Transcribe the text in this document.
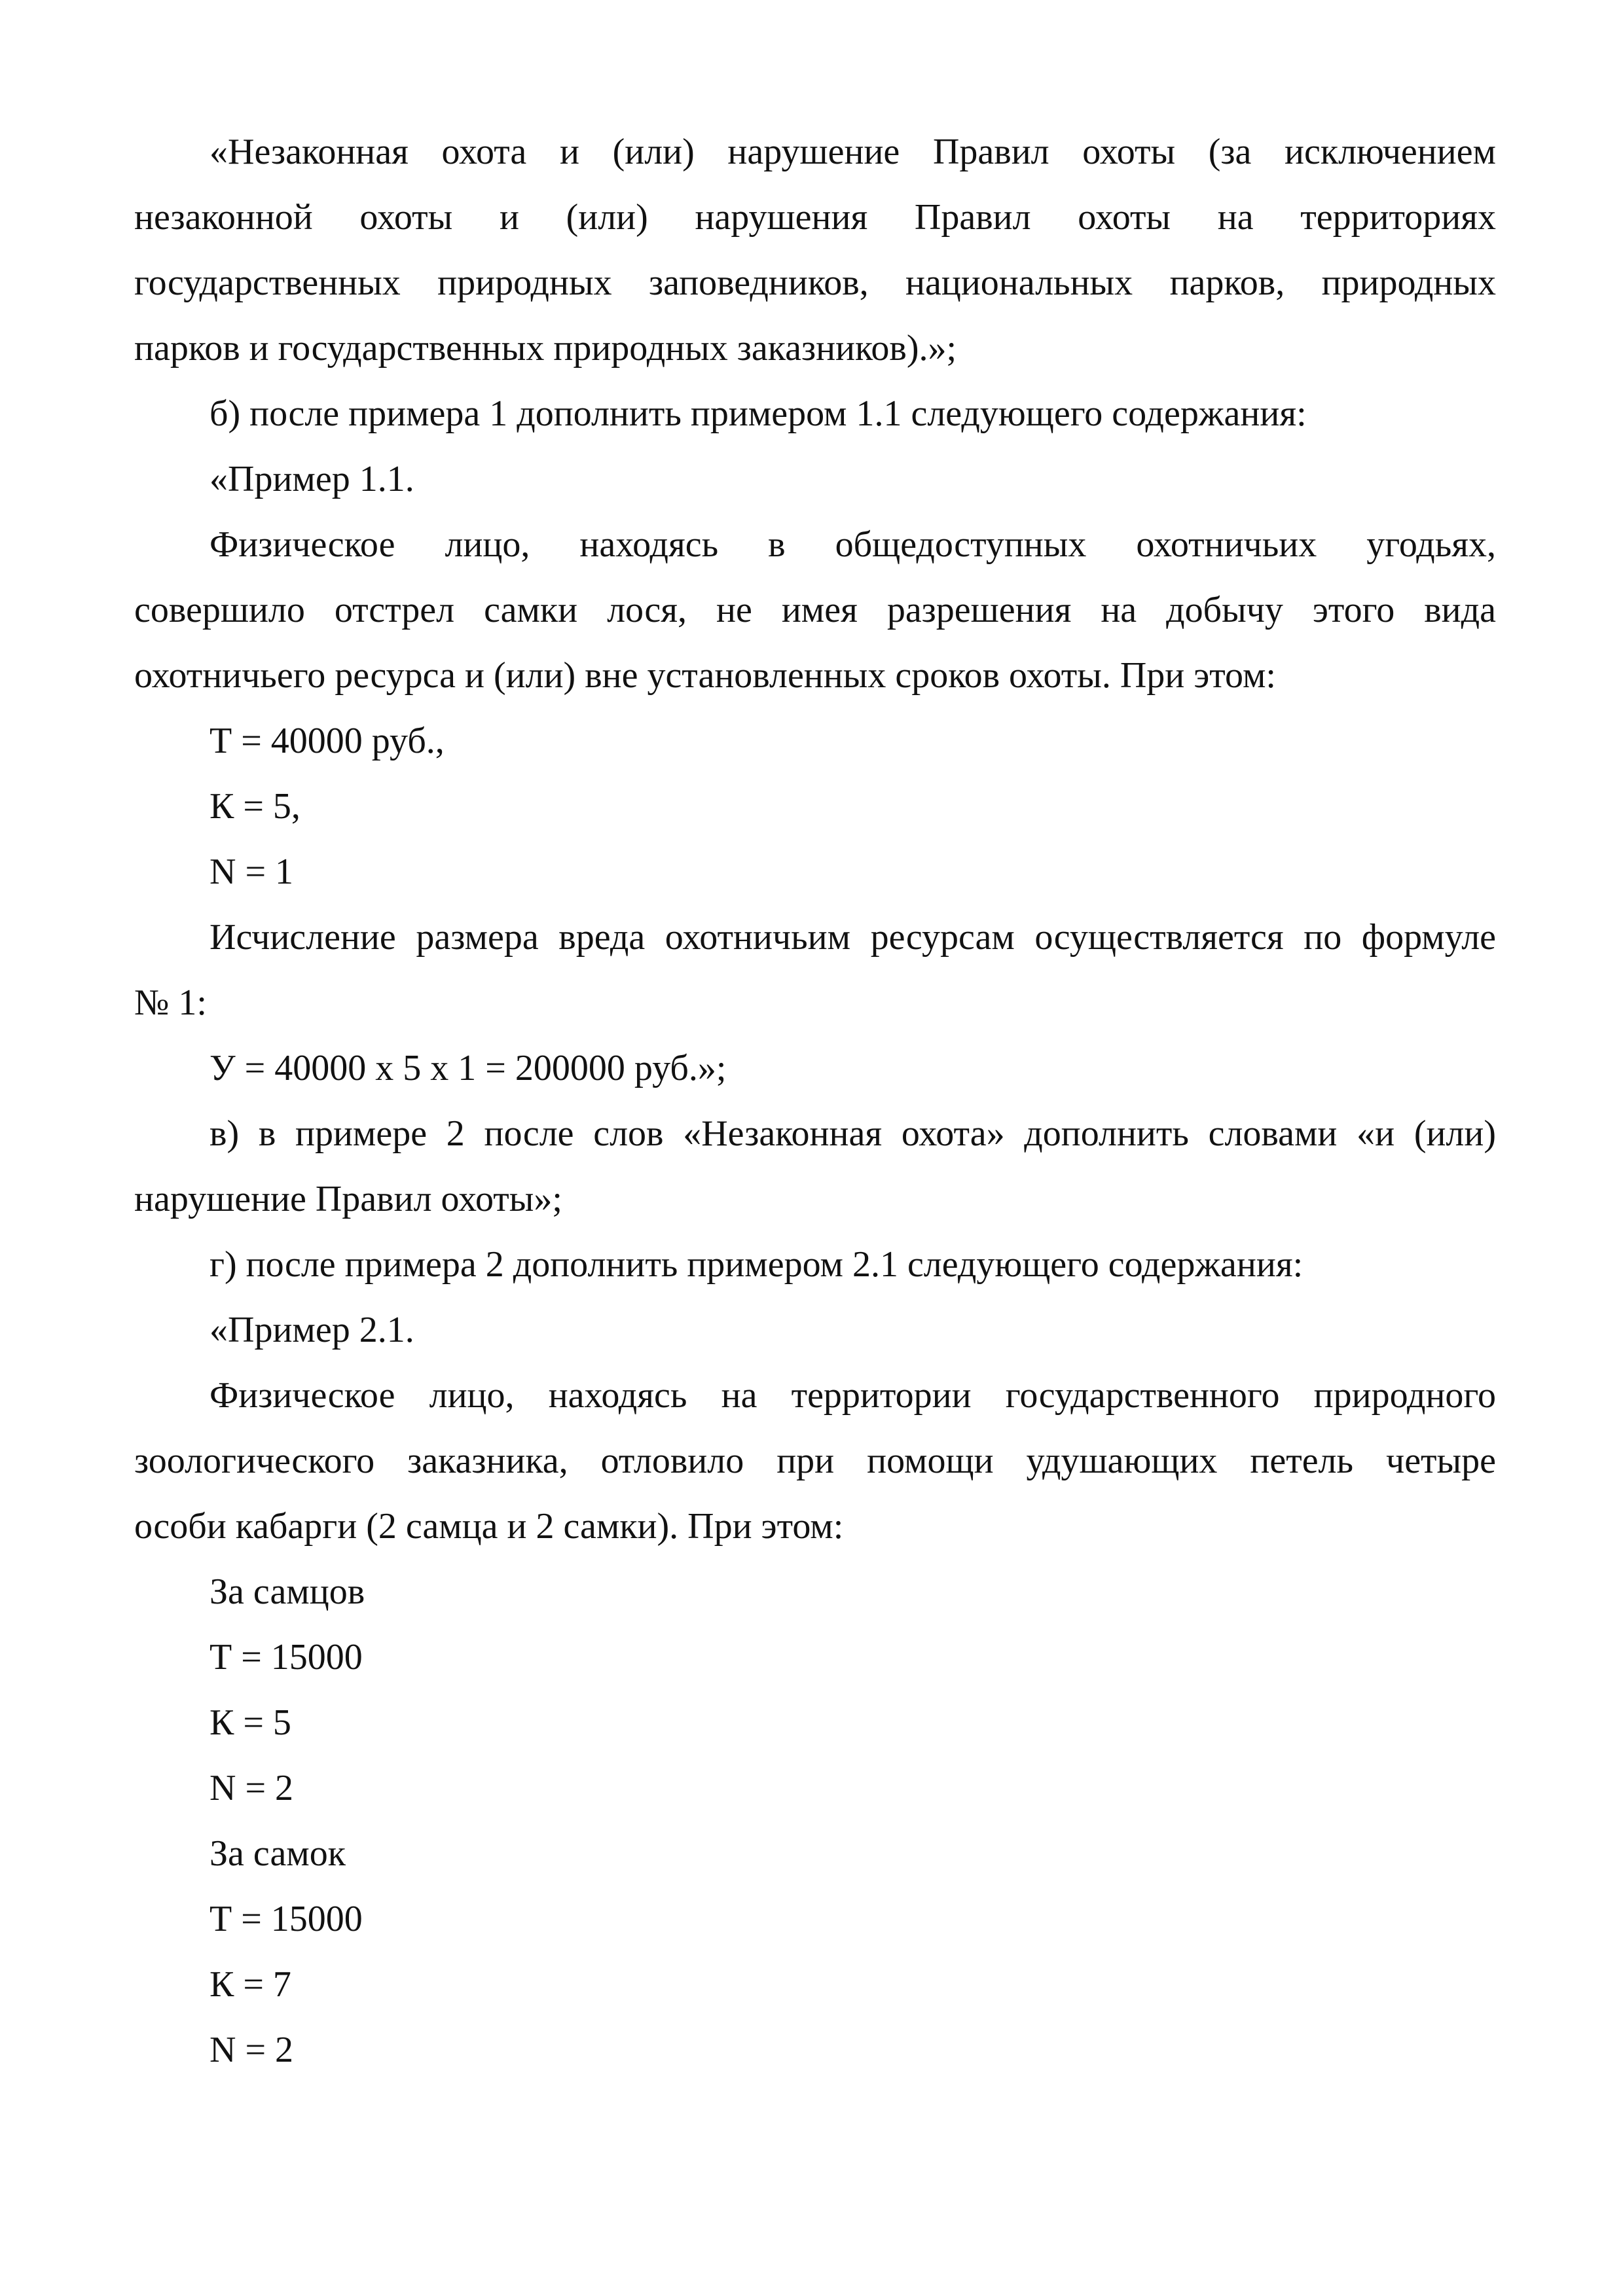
«Незаконная охота и (или) нарушение Правил охоты (за исключением
незаконной охоты и (или) нарушения Правил охоты на территориях
государственных природных заповедников, национальных парков, природных
парков и государственных природных заказников).»;
б) после примера 1 дополнить примером 1.1 следующего содержания:
«Пример 1.1.
Физическое лицо, находясь в общедоступных охотничьих угодьях,
совершило отстрел самки лося, не имея разрешения на добычу этого вида
охотничьего ресурса и (или) вне установленных сроков охоты. При этом:
Т = 40000 руб.,
К = 5,
N = 1
Исчисление размера вреда охотничьим ресурсам осуществляется по формуле
№ 1:
У = 40000 x 5 x 1 = 200000 руб.»;
в) в примере 2 после слов «Незаконная охота» дополнить словами «и (или)
нарушение Правил охоты»;
г) после примера 2 дополнить примером 2.1 следующего содержания:
«Пример 2.1.
Физическое лицо, находясь на территории государственного природного
зоологического заказника, отловило при помощи удушающих петель четыре
особи кабарги (2 самца и 2 самки). При этом:
За самцов
Т = 15000
К = 5
N = 2
За самок
Т = 15000
К = 7
N = 2
